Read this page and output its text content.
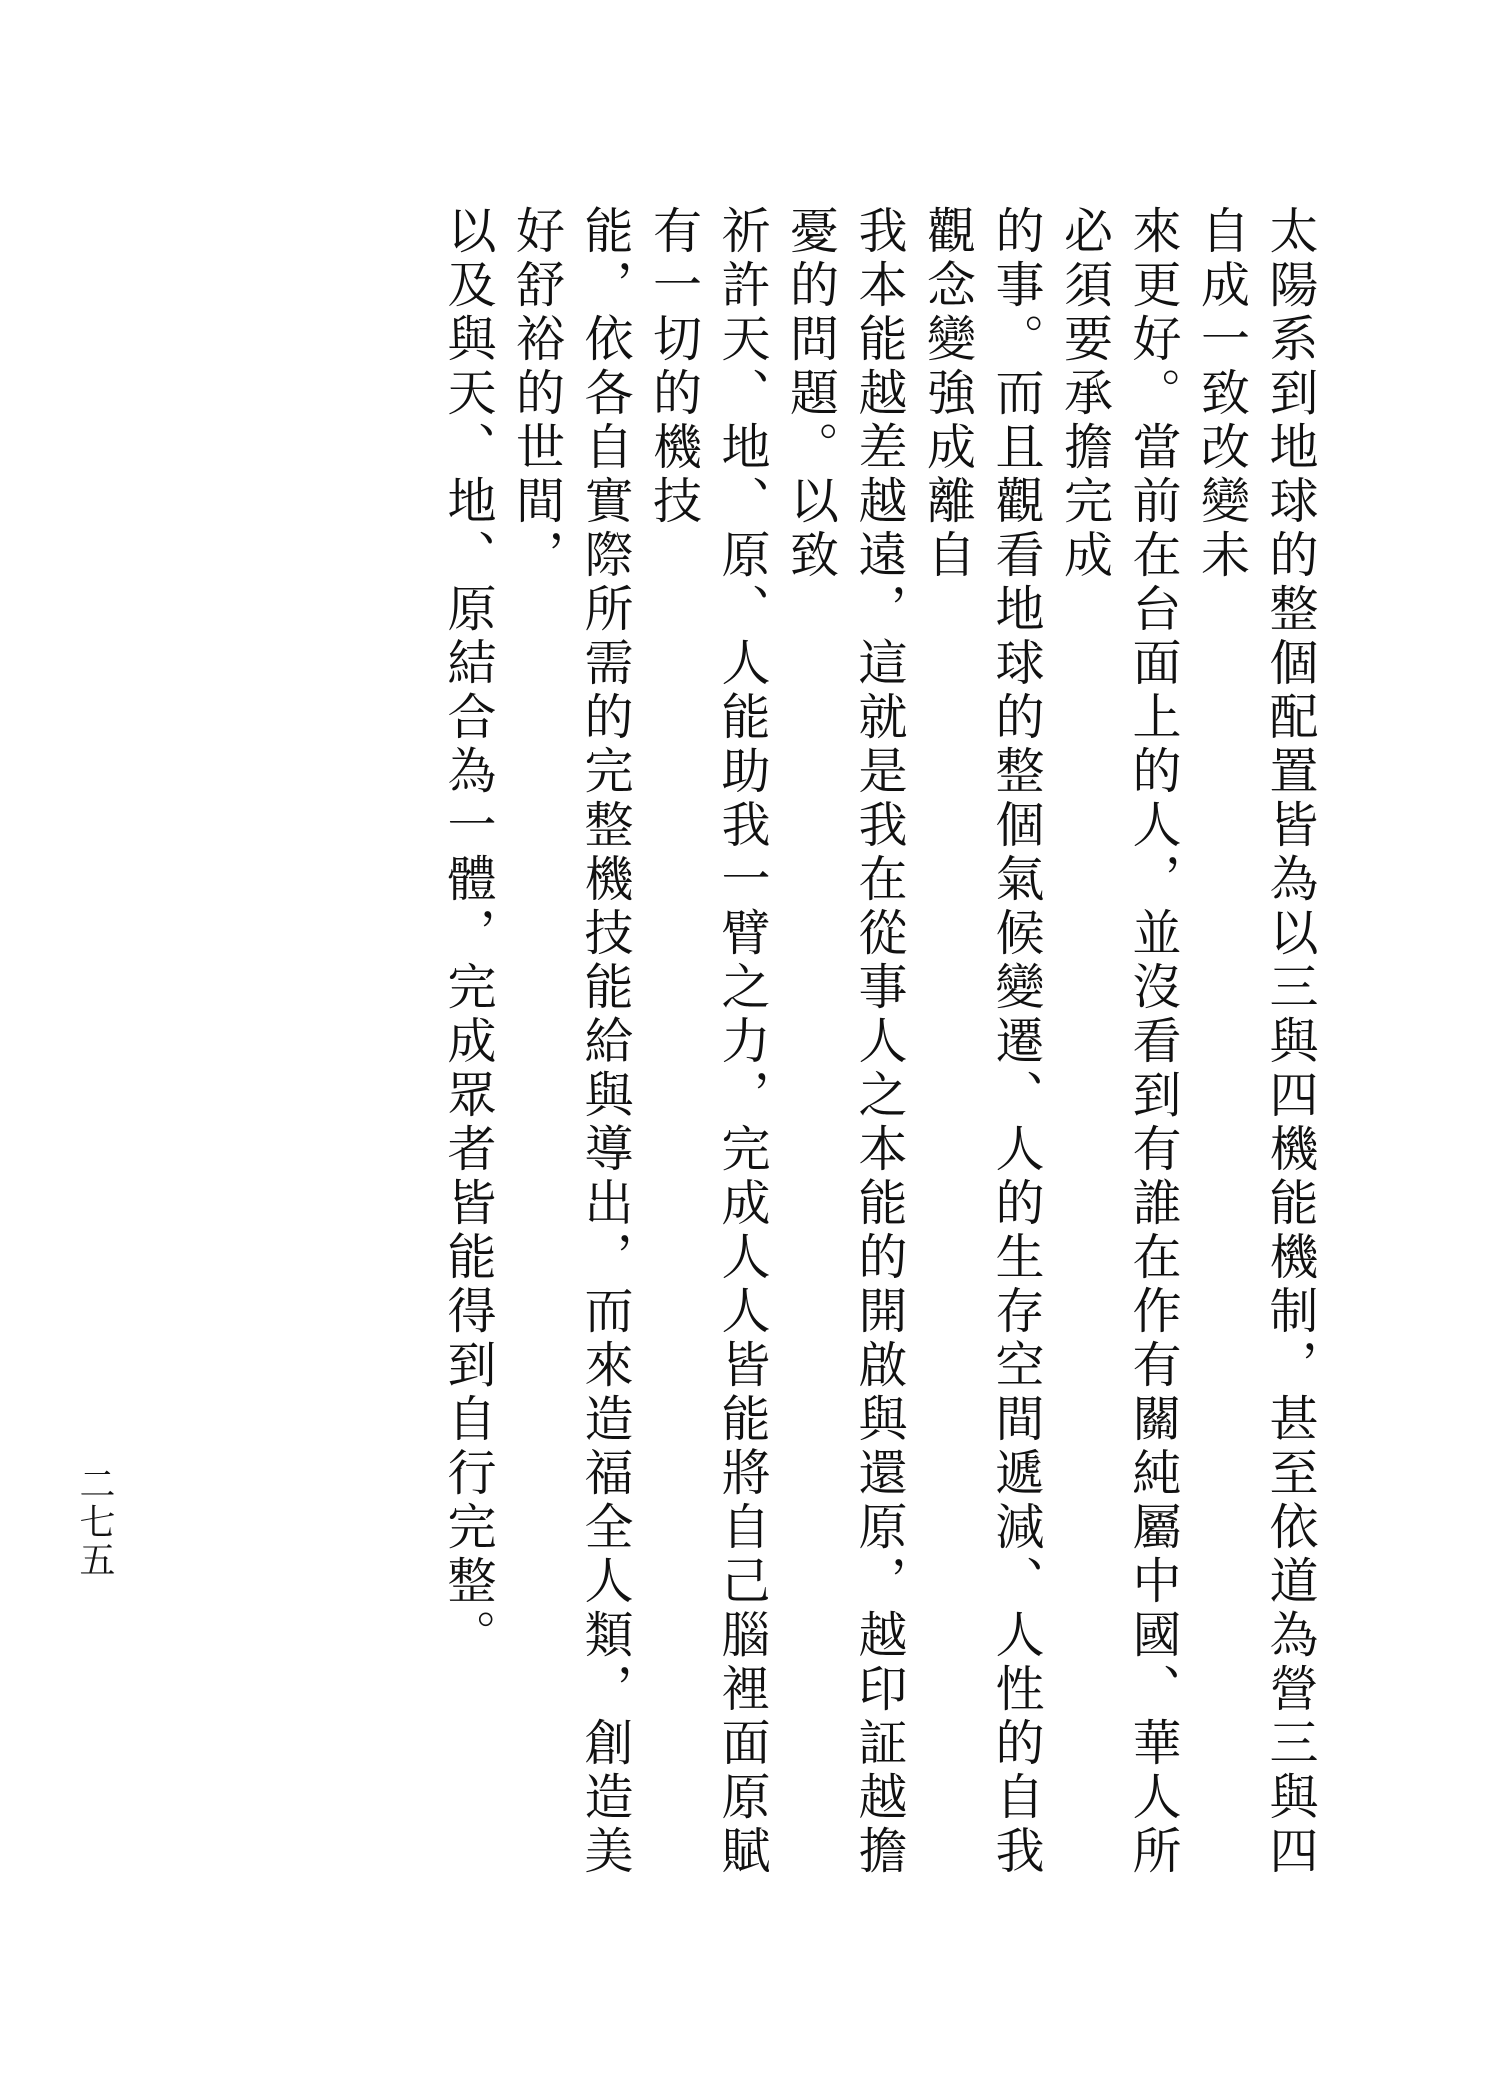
太陽系到地球的整個配置皆為以三與四機能機制，甚至依道為營三與四自成一致改變未

來更好。當前在台面上的人，並沒看到有誰在作有關純屬中國、華人所必須要承擔完成

的事。而且觀看地球的整個氣候變遷、人的生存空間遞減、人性的自我觀念變強成離自

我本能越差越遠，這就是我在從事人之本能的開啟與還原，越印証越擔憂的問題。以致

祈許天、地、原、人能助我一臂之力，完成人人皆能將自己腦裡面原賦有一切的機技

能，依各自實際所需的完整機技能給與導出，而來造福全人類，創造美好舒裕的世間，

以及與天、地、原結合為一體，完成眾者皆能得到自行完整。

二七五
